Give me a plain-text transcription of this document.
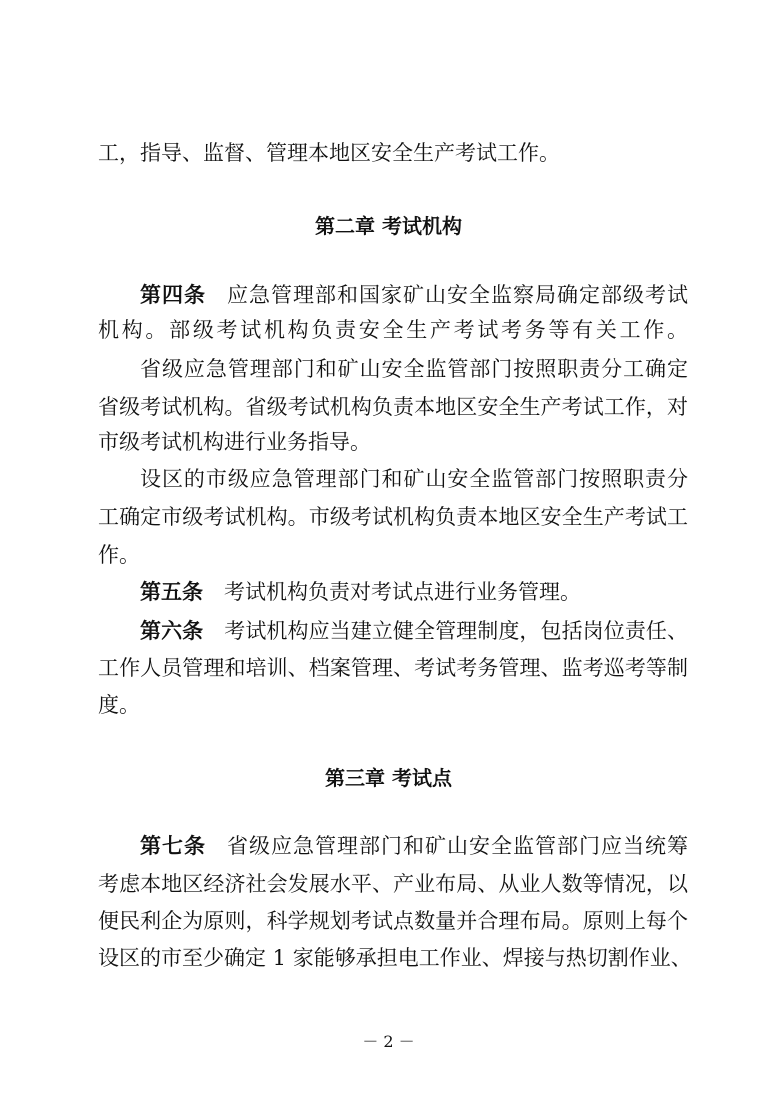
工，指导、监督、管理本地区安全生产考试工作。
第二章 考试机构
第四条 应急管理部和国家矿山安全监察局确定部级考试
机构。部级考试机构负责安全生产考试考务等有关工作。
省级应急管理部门和矿山安全监管部门按照职责分工确定
省级考试机构。省级考试机构负责本地区安全生产考试工作，对
市级考试机构进行业务指导。
设区的市级应急管理部门和矿山安全监管部门按照职责分
工确定市级考试机构。市级考试机构负责本地区安全生产考试工
作。
第五条 考试机构负责对考试点进行业务管理。
第六条 考试机构应当建立健全管理制度，包括岗位责任、
工作人员管理和培训、档案管理、考试考务管理、监考巡考等制
度。
第三章 考试点
第七条 省级应急管理部门和矿山安全监管部门应当统筹
考虑本地区经济社会发展水平、产业布局、从业人数等情况，以
便民利企为原则，科学规划考试点数量并合理布局。原则上每个
设区的市至少确定 1 家能够承担电工作业、焊接与热切割作业、
－ 2 －
